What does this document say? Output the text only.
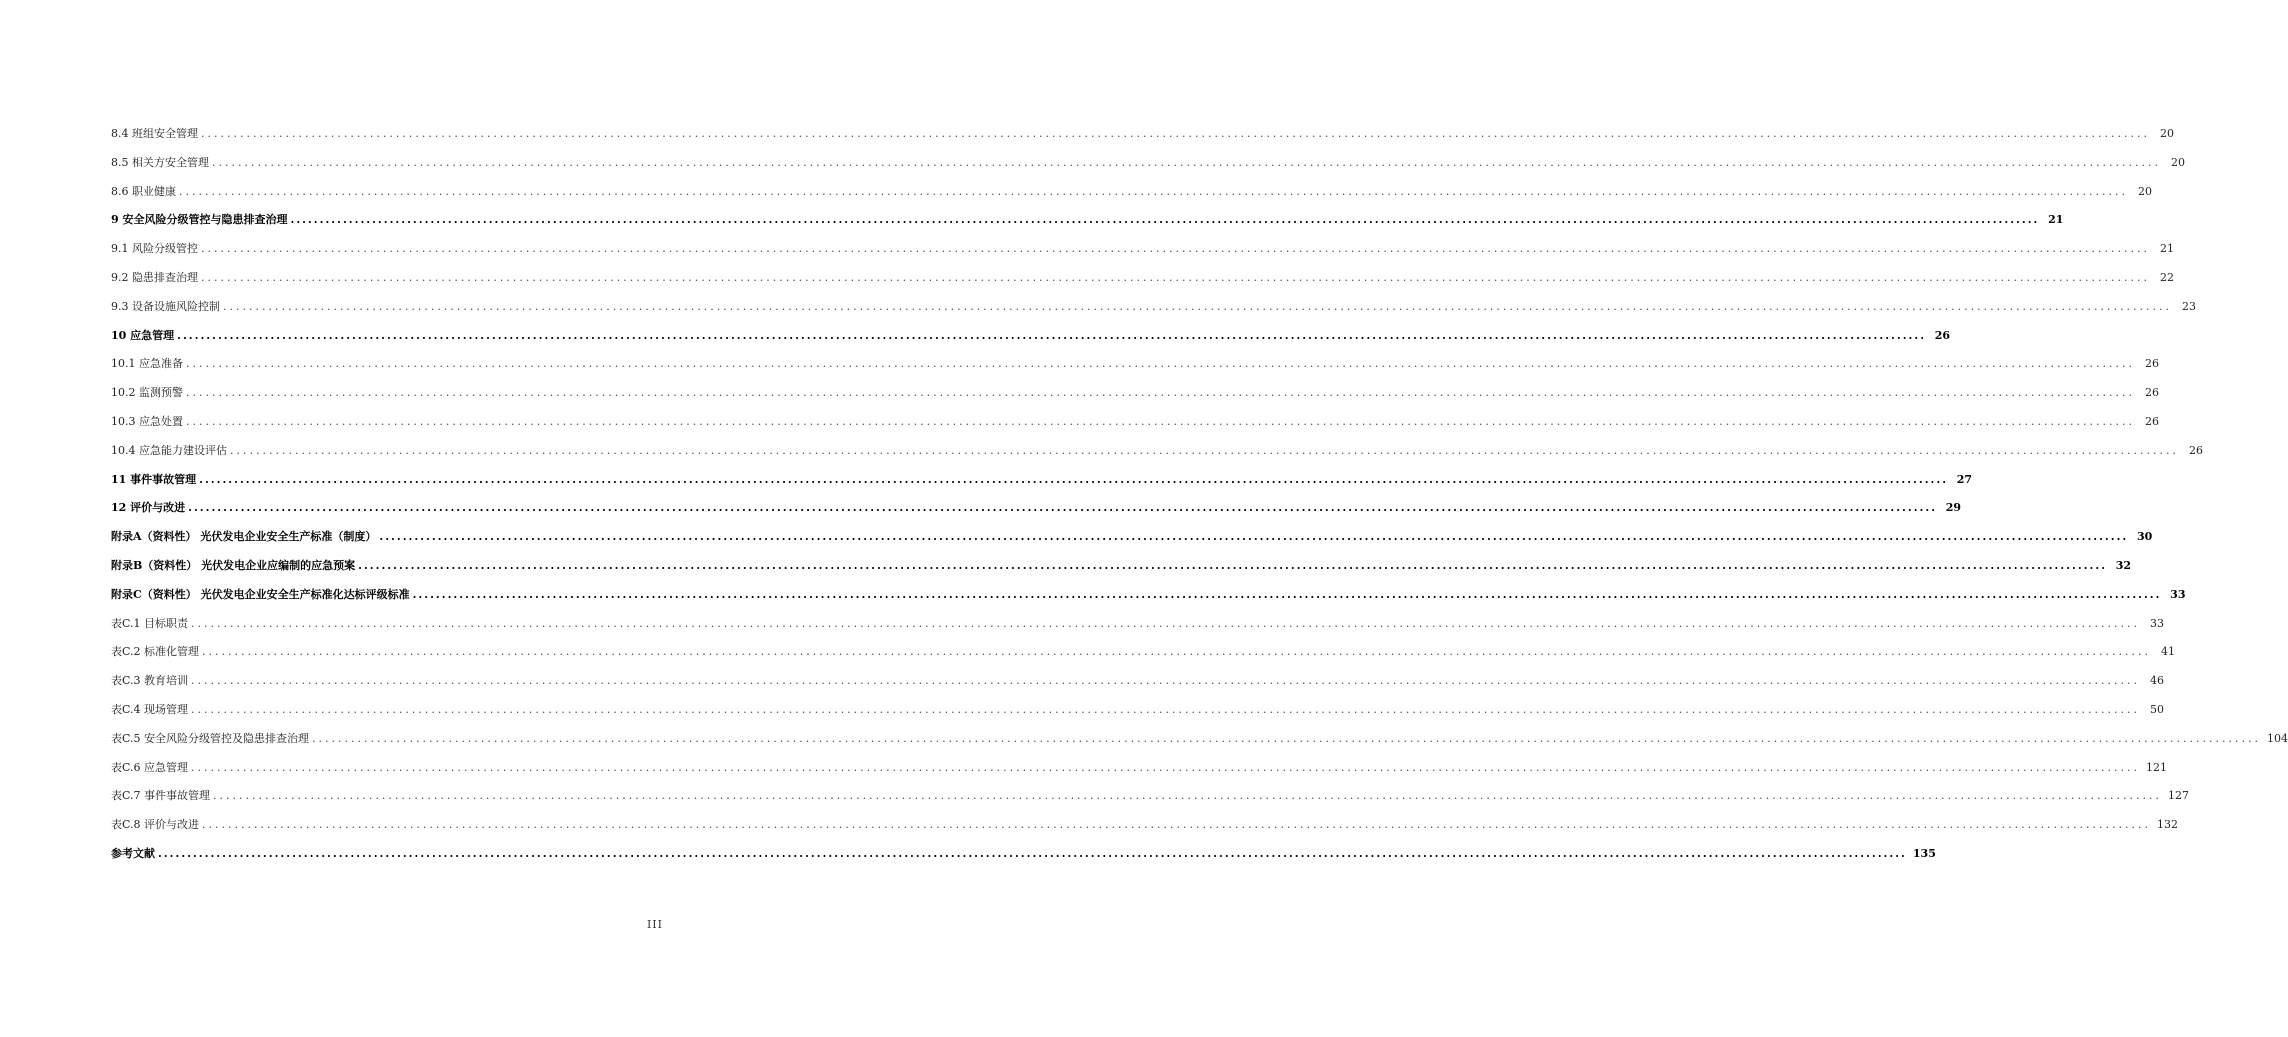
8.4 班组安全管理 ............................................................................................................................................................................................................................................................................................................ 20
8.5 相关方安全管理 ............................................................................................................................................................................................................................................................................................................ 20
8.6 职业健康 ............................................................................................................................................................................................................................................................................................................ 20
9 安全风险分级管控与隐患排查治理 ............................................................................................................................................................................................................................................................................................................ 21
9.1 风险分级管控 ............................................................................................................................................................................................................................................................................................................ 21
9.2 隐患排查治理 ............................................................................................................................................................................................................................................................................................................ 22
9.3 设备设施风险控制 ............................................................................................................................................................................................................................................................................................................ 23
10 应急管理 ............................................................................................................................................................................................................................................................................................................ 26
10.1 应急准备 ............................................................................................................................................................................................................................................................................................................ 26
10.2 监测预警 ............................................................................................................................................................................................................................................................................................................ 26
10.3 应急处置 ............................................................................................................................................................................................................................................................................................................ 26
10.4 应急能力建设评估 ............................................................................................................................................................................................................................................................................................................ 26
11 事件事故管理 ............................................................................................................................................................................................................................................................................................................ 27
12 评价与改进 ............................................................................................................................................................................................................................................................................................................ 29
附录A（资料性） 光伏发电企业安全生产标准（制度） ............................................................................................................................................................................................................................................................................................................ 30
附录B（资料性） 光伏发电企业应编制的应急预案 ............................................................................................................................................................................................................................................................................................................ 32
附录C（资料性） 光伏发电企业安全生产标准化达标评级标准 ............................................................................................................................................................................................................................................................................................................ 33
表C.1 目标职责 ............................................................................................................................................................................................................................................................................................................ 33
表C.2 标准化管理 ............................................................................................................................................................................................................................................................................................................ 41
表C.3 教育培训 ............................................................................................................................................................................................................................................................................................................ 46
表C.4 现场管理 ............................................................................................................................................................................................................................................................................................................ 50
表C.5 安全风险分级管控及隐患排查治理 ............................................................................................................................................................................................................................................................................................................ 104
表C.6 应急管理 ............................................................................................................................................................................................................................................................................................................ 121
表C.7 事件事故管理 ............................................................................................................................................................................................................................................................................................................ 127
表C.8 评价与改进 ............................................................................................................................................................................................................................................................................................................ 132
参考文献 ............................................................................................................................................................................................................................................................................................................ 135
III
